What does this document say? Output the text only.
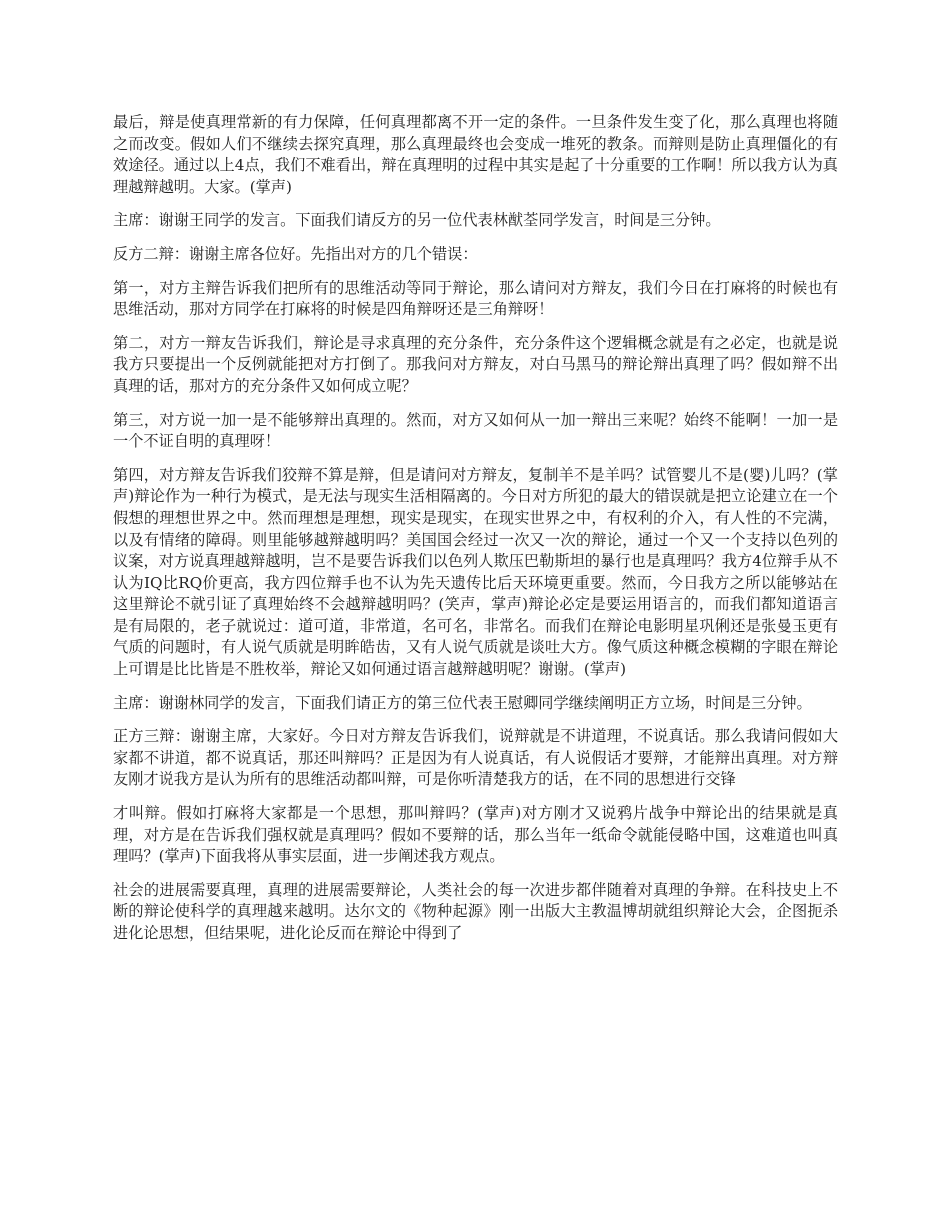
最后，辩是使真理常新的有力保障，任何真理都离不开一定的条件。一旦条件发生变了化，那么真理也将随之而改变。假如人们不继续去探究真理，那么真理最终也会变成一堆死的教条。而辩则是防止真理僵化的有效途径。通过以上4点，我们不难看出，辩在真理明的过程中其实是起了十分重要的工作啊！所以我方认为真理越辩越明。大家。(掌声)

主席：谢谢王同学的发言。下面我们请反方的另一位代表林猷荃同学发言，时间是三分钟。

反方二辩：谢谢主席各位好。先指出对方的几个错误：

第一，对方主辩告诉我们把所有的思维活动等同于辩论，那么请问对方辩友，我们今日在打麻将的时候也有思维活动，那对方同学在打麻将的时候是四角辩呀还是三角辩呀！

第二，对方一辩友告诉我们，辩论是寻求真理的充分条件，充分条件这个逻辑概念就是有之必定，也就是说我方只要提出一个反例就能把对方打倒了。那我问对方辩友，对白马黑马的辩论辩出真理了吗？假如辩不出真理的话，那对方的充分条件又如何成立呢？

第三，对方说一加一是不能够辩出真理的。然而，对方又如何从一加一辩出三来呢？始终不能啊！一加一是一个不证自明的真理呀！

第四，对方辩友告诉我们狡辩不算是辩，但是请问对方辩友，复制羊不是羊吗？试管婴儿不是(婴)儿吗？(掌声)辩论作为一种行为模式，是无法与现实生活相隔离的。今日对方所犯的最大的错误就是把立论建立在一个假想的理想世界之中。然而理想是理想，现实是现实，在现实世界之中，有权利的介入，有人性的不完满，以及有情绪的障碍。则里能够越辩越明吗？美国国会经过一次又一次的辩论，通过一个又一个支持以色列的议案，对方说真理越辩越明，岂不是要告诉我们以色列人欺压巴勒斯坦的暴行也是真理吗？我方4位辩手从不认为IQ比RQ价更高，我方四位辩手也不认为先天遗传比后天环境更重要。然而，今日我方之所以能够站在这里辩论不就引证了真理始终不会越辩越明吗？(笑声，掌声)辩论必定是要运用语言的，而我们都知道语言是有局限的，老子就说过：道可道，非常道，名可名，非常名。而我们在辩论电影明星巩俐还是张曼玉更有气质的问题时，有人说气质就是明眸皓齿，又有人说气质就是谈吐大方。像气质这种概念模糊的字眼在辩论上可谓是比比皆是不胜枚举，辩论又如何通过语言越辩越明呢？谢谢。(掌声)

主席：谢谢林同学的发言，下面我们请正方的第三位代表王慰卿同学继续阐明正方立场，时间是三分钟。

正方三辩：谢谢主席，大家好。今日对方辩友告诉我们，说辩就是不讲道理，不说真话。那么我请问假如大家都不讲道，都不说真话，那还叫辩吗？正是因为有人说真话，有人说假话才要辩，才能辩出真理。对方辩友刚才说我方是认为所有的思维活动都叫辩，可是你听清楚我方的话，在不同的思想进行交锋

才叫辩。假如打麻将大家都是一个思想，那叫辩吗？(掌声)对方刚才又说鸦片战争中辩论出的结果就是真理，对方是在告诉我们强权就是真理吗？假如不要辩的话，那么当年一纸命令就能侵略中国，这难道也叫真理吗？(掌声)下面我将从事实层面，进一步阐述我方观点。

社会的进展需要真理，真理的进展需要辩论，人类社会的每一次进步都伴随着对真理的争辩。在科技史上不断的辩论使科学的真理越来越明。达尔文的《物种起源》刚一出版大主教温博胡就组织辩论大会，企图扼杀进化论思想，但结果呢，进化论反而在辩论中得到了
